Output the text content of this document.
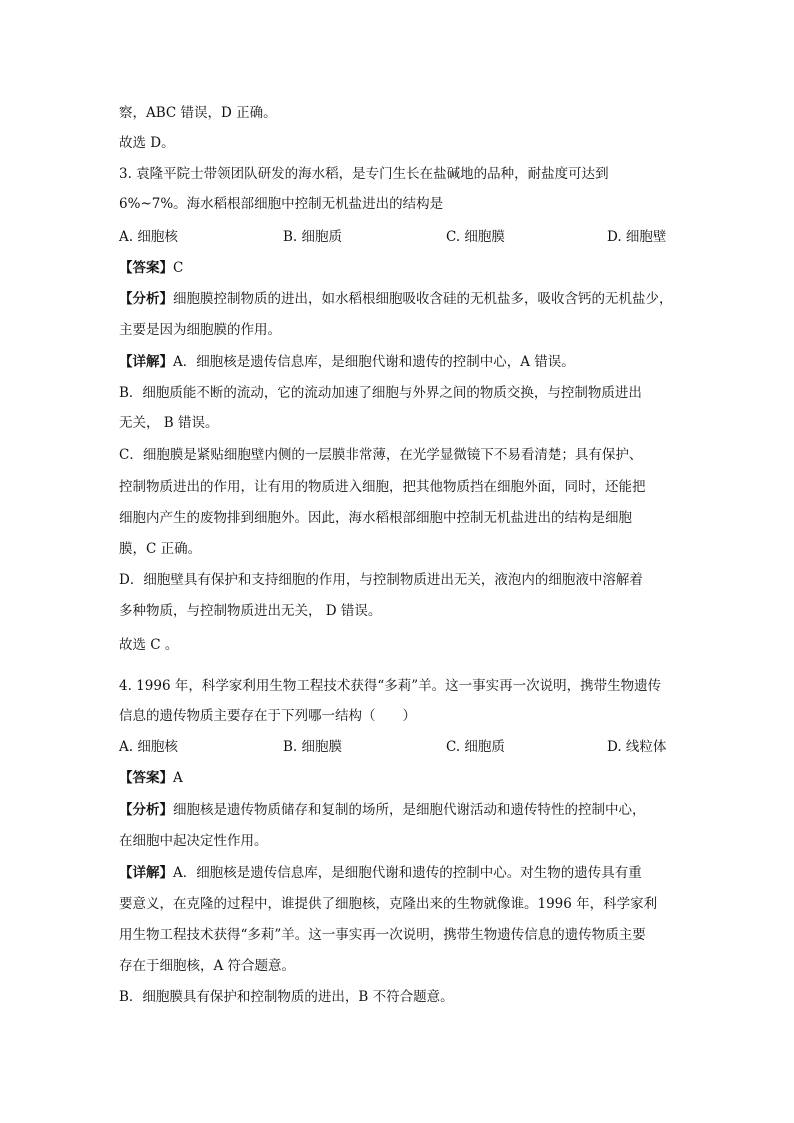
察，ABC 错误，D 正确。
故选 D。
3. 袁隆平院士带领团队研发的海水稻，是专门生长在盐碱地的品种，耐盐度可达到
6%~7%。海水稻根部细胞中控制无机盐进出的结构是
A. 细胞核	B. 细胞质	C. 细胞膜	D. 细胞壁
【答案】C
【分析】细胞膜控制物质的进出，如水稻根细胞吸收含硅的无机盐多，吸收含钙的无机盐少，
主要是因为细胞膜的作用。
【详解】A．细胞核是遗传信息库，是细胞代谢和遗传的控制中心，A 错误。
B．细胞质能不断的流动，它的流动加速了细胞与外界之间的物质交换，与控制物质进出
无关， B 错误。
C．细胞膜是紧贴细胞壁内侧的一层膜非常薄，在光学显微镜下不易看清楚；具有保护、
控制物质进出的作用，让有用的物质进入细胞，把其他物质挡在细胞外面，同时，还能把
细胞内产生的废物排到细胞外。因此，海水稻根部细胞中控制无机盐进出的结构是细胞
膜，C 正确。
D．细胞壁具有保护和支持细胞的作用，与控制物质进出无关，液泡内的细胞液中溶解着
多种物质，与控制物质进出无关， D 错误。
故选 C 。
4. 1996 年，科学家利用生物工程技术获得“多莉”羊。这一事实再一次说明，携带生物遗传
信息的遗传物质主要存在于下列哪一结构（　　）
A. 细胞核	B. 细胞膜	C. 细胞质	D. 线粒体
【答案】A
【分析】细胞核是遗传物质储存和复制的场所，是细胞代谢活动和遗传特性的控制中心，
在细胞中起决定性作用。
【详解】A．细胞核是遗传信息库，是细胞代谢和遗传的控制中心。对生物的遗传具有重
要意义，在克隆的过程中，谁提供了细胞核，克隆出来的生物就像谁。1996 年，科学家利
用生物工程技术获得“多莉”羊。这一事实再一次说明，携带生物遗传信息的遗传物质主要
存在于细胞核，A 符合题意。
B．细胞膜具有保护和控制物质的进出，B 不符合题意。
